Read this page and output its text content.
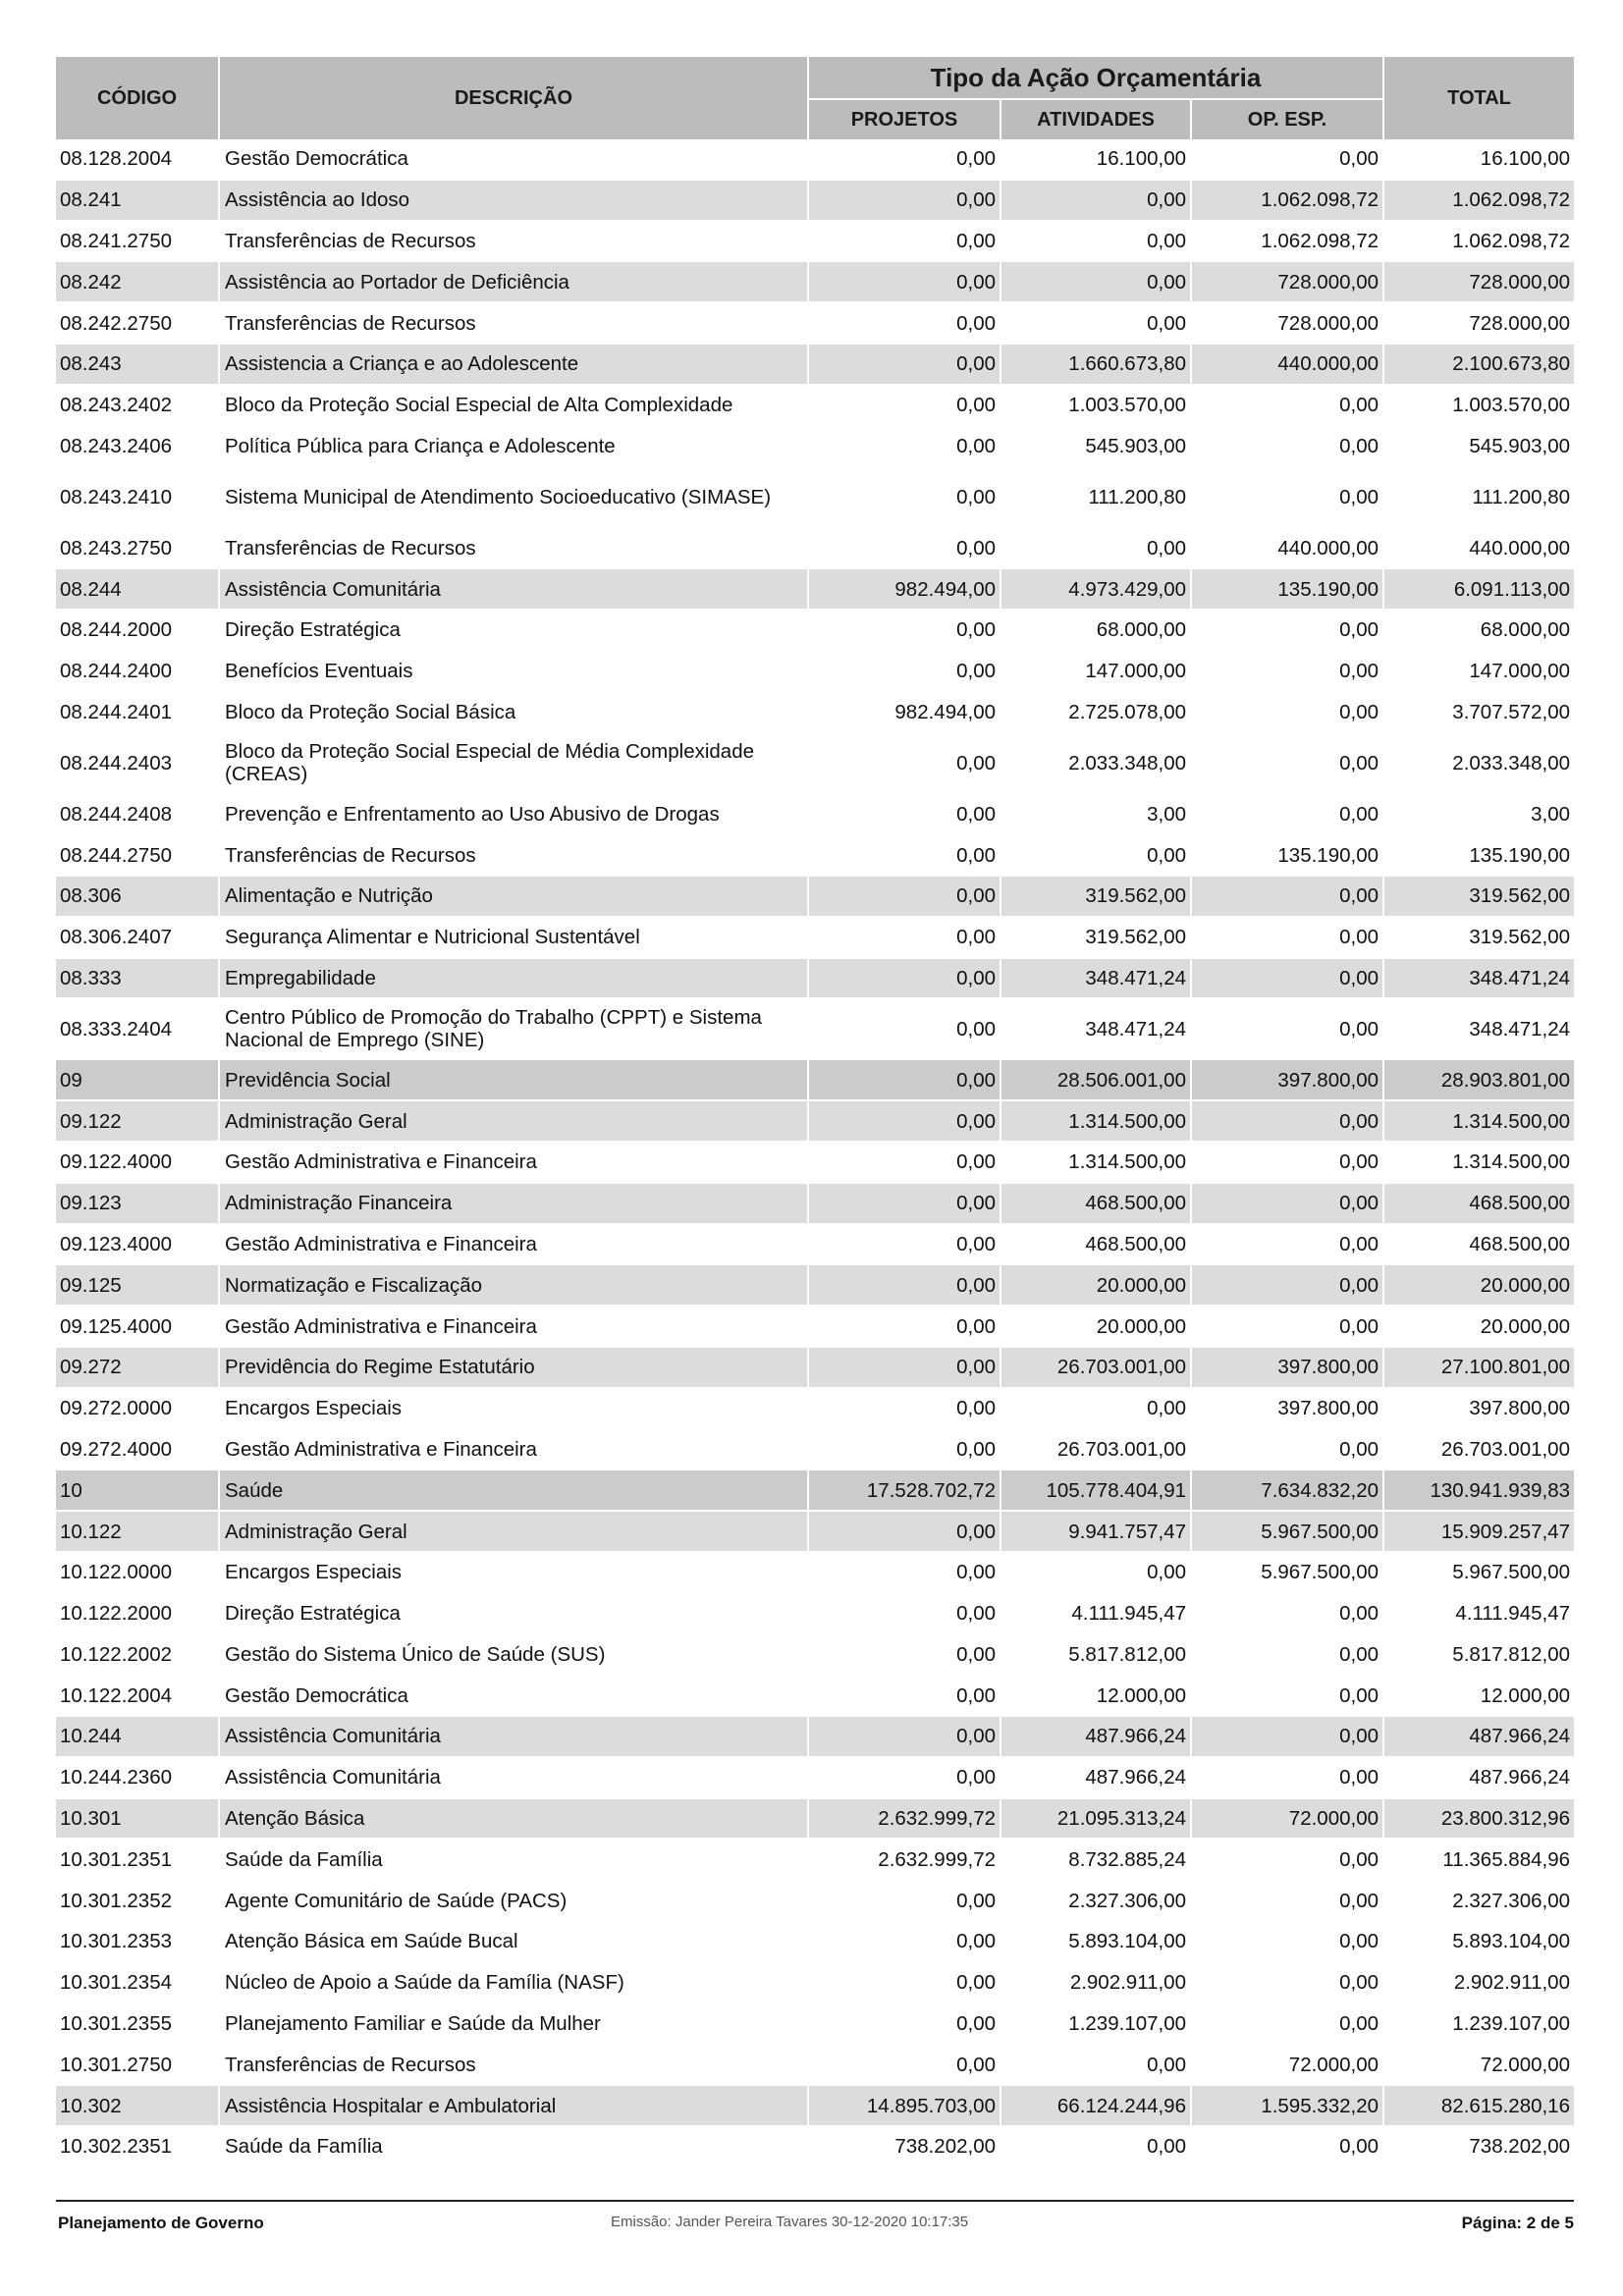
CÓDIGO	DESCRIÇÃO
Tipo da Ação Orçamentária
PROJETOS	ATIVIDADES	OP. ESP.
TOTAL
08.128.2004	Gestão Democrática	0,00	16.100,00	0,00	16.100,00
08.241	Assistência ao Idoso	0,00	0,00	1.062.098,72	1.062.098,72
08.241.2750	Transferências de Recursos	0,00	0,00	1.062.098,72	1.062.098,72
08.242	Assistência ao Portador de Deficiência	0,00	0,00	728.000,00	728.000,00
08.242.2750	Transferências de Recursos	0,00	0,00	728.000,00	728.000,00
08.243	Assistencia a Criança e ao Adolescente	0,00	1.660.673,80	440.000,00	2.100.673,80
08.243.2402	Bloco da Proteção Social Especial de Alta Complexidade	0,00	1.003.570,00	0,00	1.003.570,00
08.243.2406	Política Pública para Criança e Adolescente	0,00	545.903,00	0,00	545.903,00
08.243.2410	Sistema Municipal de Atendimento Socioeducativo (SIMASE)	0,00	111.200,80	0,00	111.200,80
08.243.2750	Transferências de Recursos	0,00	0,00	440.000,00	440.000,00
08.244	Assistência Comunitária	982.494,00	4.973.429,00	135.190,00	6.091.113,00
08.244.2000	Direção Estratégica	0,00	68.000,00	0,00	68.000,00
08.244.2400	Benefícios Eventuais	0,00	147.000,00	0,00	147.000,00
08.244.2401	Bloco da Proteção Social Básica	982.494,00	2.725.078,00	0,00	3.707.572,00
08.244.2403	Bloco da Proteção Social Especial de Média Complexidade (CREAS)	0,00	2.033.348,00	0,00	2.033.348,00
08.244.2408	Prevenção e Enfrentamento ao Uso Abusivo de Drogas	0,00	3,00	0,00	3,00
08.244.2750	Transferências de Recursos	0,00	0,00	135.190,00	135.190,00
08.306	Alimentação e Nutrição	0,00	319.562,00	0,00	319.562,00
08.306.2407	Segurança Alimentar e Nutricional Sustentável	0,00	319.562,00	0,00	319.562,00
08.333	Empregabilidade	0,00	348.471,24	0,00	348.471,24
08.333.2404	Centro Público de Promoção do Trabalho (CPPT) e Sistema Nacional de Emprego (SINE)	0,00	348.471,24	0,00	348.471,24
09	Previdência Social	0,00	28.506.001,00	397.800,00	28.903.801,00
09.122	Administração Geral	0,00	1.314.500,00	0,00	1.314.500,00
09.122.4000	Gestão Administrativa e Financeira	0,00	1.314.500,00	0,00	1.314.500,00
09.123	Administração Financeira	0,00	468.500,00	0,00	468.500,00
09.123.4000	Gestão Administrativa e Financeira	0,00	468.500,00	0,00	468.500,00
09.125	Normatização e Fiscalização	0,00	20.000,00	0,00	20.000,00
09.125.4000	Gestão Administrativa e Financeira	0,00	20.000,00	0,00	20.000,00
09.272	Previdência do Regime Estatutário	0,00	26.703.001,00	397.800,00	27.100.801,00
09.272.0000	Encargos Especiais	0,00	0,00	397.800,00	397.800,00
09.272.4000	Gestão Administrativa e Financeira	0,00	26.703.001,00	0,00	26.703.001,00
10	Saúde	17.528.702,72	105.778.404,91	7.634.832,20	130.941.939,83
10.122	Administração Geral	0,00	9.941.757,47	5.967.500,00	15.909.257,47
10.122.0000	Encargos Especiais	0,00	0,00	5.967.500,00	5.967.500,00
10.122.2000	Direção Estratégica	0,00	4.111.945,47	0,00	4.111.945,47
10.122.2002	Gestão do Sistema Único de Saúde (SUS)	0,00	5.817.812,00	0,00	5.817.812,00
10.122.2004	Gestão Democrática	0,00	12.000,00	0,00	12.000,00
10.244	Assistência Comunitária	0,00	487.966,24	0,00	487.966,24
10.244.2360	Assistência Comunitária	0,00	487.966,24	0,00	487.966,24
10.301	Atenção Básica	2.632.999,72	21.095.313,24	72.000,00	23.800.312,96
10.301.2351	Saúde da Família	2.632.999,72	8.732.885,24	0,00	11.365.884,96
10.301.2352	Agente Comunitário de Saúde (PACS)	0,00	2.327.306,00	0,00	2.327.306,00
10.301.2353	Atenção Básica em Saúde Bucal	0,00	5.893.104,00	0,00	5.893.104,00
10.301.2354	Núcleo de Apoio a Saúde da Família (NASF)	0,00	2.902.911,00	0,00	2.902.911,00
10.301.2355	Planejamento Familiar e Saúde da Mulher	0,00	1.239.107,00	0,00	1.239.107,00
10.301.2750	Transferências de Recursos	0,00	0,00	72.000,00	72.000,00
10.302	Assistência Hospitalar e Ambulatorial	14.895.703,00	66.124.244,96	1.595.332,20	82.615.280,16
10.302.2351	Saúde da Família	738.202,00	0,00	0,00	738.202,00
Planejamento de Governo	Emissão: Jander Pereira Tavares 30-12-2020 10:17:35	Página: 2 de 5
